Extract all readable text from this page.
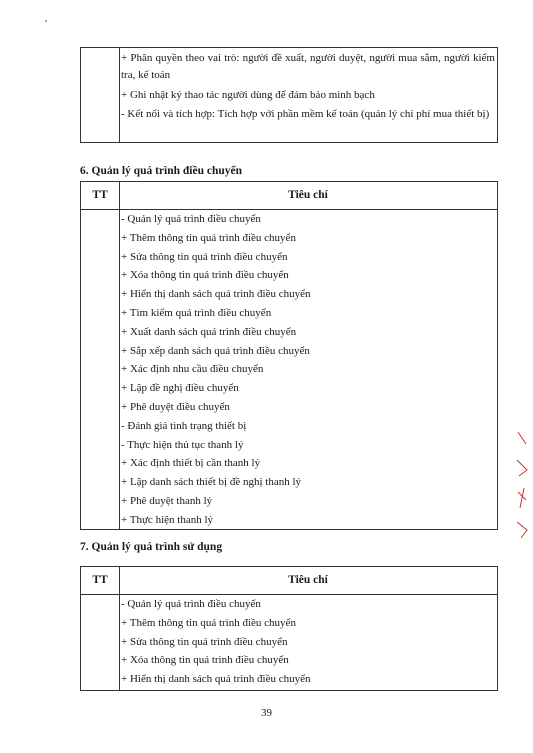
+ Phân quyền theo vai trò: người đề xuất, người duyệt, người mua sắm, người kiểm tra, kế toán
+ Ghi nhật ký thao tác người dùng để đảm bảo minh bạch
- Kết nối và tích hợp: Tích hợp với phần mềm kế toán (quản lý chi phí mua thiết bị)
6. Quản lý quá trình điều chuyển
TT	Tiêu chí
- Quản lý quá trình điều chuyển
+ Thêm thông tin quá trình điều chuyển
+ Sửa thông tin quá trình điều chuyển
+ Xóa thông tin quá trình điều chuyển
+ Hiển thị danh sách quá trình điều chuyển
+ Tìm kiếm quá trình điều chuyển
+ Xuất danh sách quá trình điều chuyển
+ Sắp xếp danh sách quá trình điều chuyển
+ Xác định nhu cầu điều chuyển
+ Lập đề nghị điều chuyển
+ Phê duyệt điều chuyển
- Đánh giá tình trạng thiết bị
- Thực hiện thủ tục thanh lý
+ Xác định thiết bị cần thanh lý
+ Lập danh sách thiết bị đề nghị thanh lý
+ Phê duyệt thanh lý
+ Thực hiện thanh lý
7. Quản lý quá trình sử dụng
TT	Tiêu chí
- Quản lý quá trình điều chuyển
+ Thêm thông tin quá trình điều chuyển
+ Sửa thông tin quá trình điều chuyển
+ Xóa thông tin quá trình điều chuyển
+ Hiển thị danh sách quá trình điều chuyển
39
